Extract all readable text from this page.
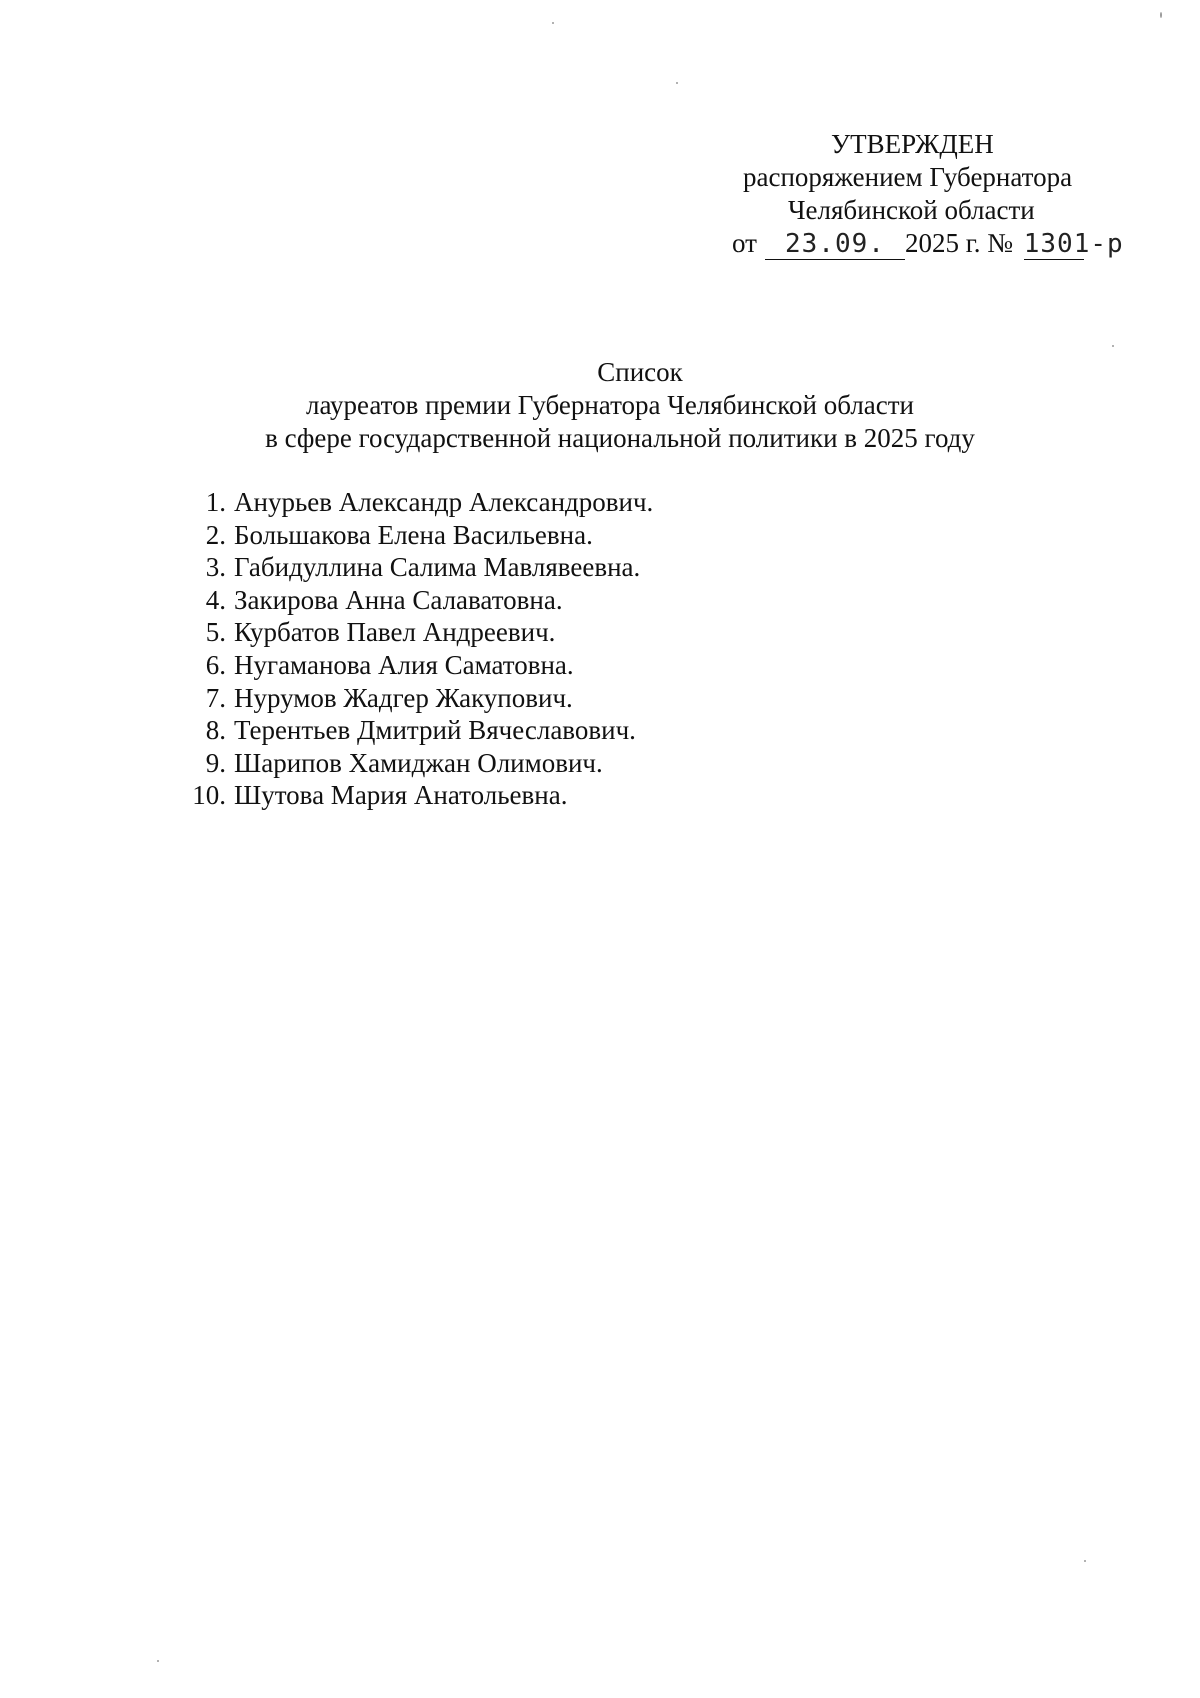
УТВЕРЖДЕН
распоряжением Губернатора
Челябинской области
от 23.09. 2025 г. № 1301-р
Список
лауреатов премии Губернатора Челябинской области
в сфере государственной национальной политики в 2025 году
1. Анурьев Александр Александрович.
2. Большакова Елена Васильевна.
3. Габидуллина Салима Мавлявеевна.
4. Закирова Анна Салаватовна.
5. Курбатов Павел Андреевич.
6. Нугаманова Алия Саматовна.
7. Нурумов Жадгер Жакупович.
8. Терентьев Дмитрий Вячеславович.
9. Шарипов Хамиджан Олимович.
10. Шутова Мария Анатольевна.
